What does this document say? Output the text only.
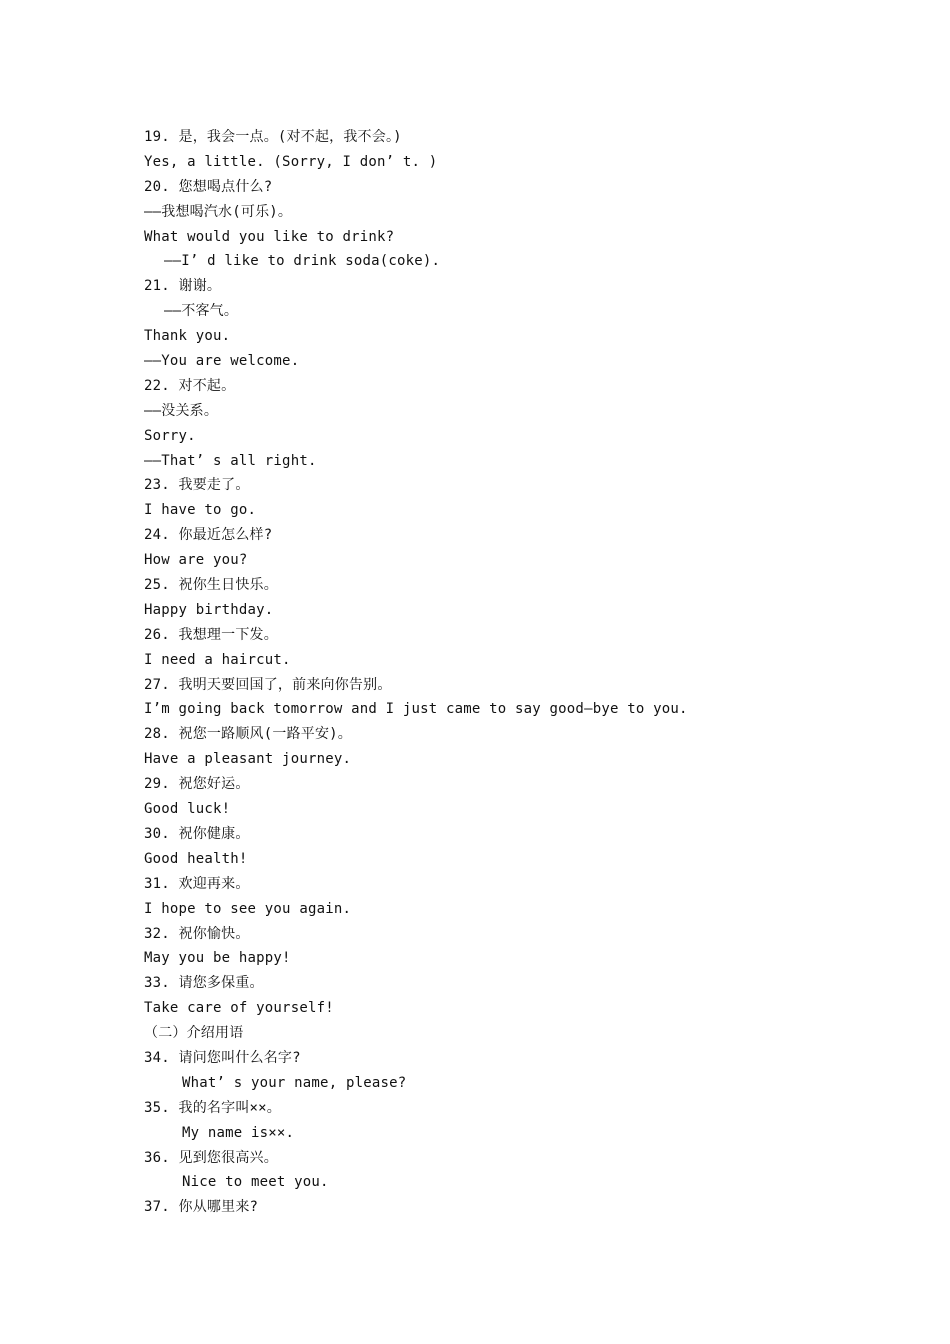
19. 是，我会一点。(对不起，我不会。)
Yes, a little. (Sorry, I don’ t. )
20. 您想喝点什么?
——我想喝汽水(可乐)。
What would you like to drink?
——I’ d like to drink soda(coke).
21. 谢谢。
——不客气。
Thank you.
——You are welcome.
22. 对不起。
——没关系。
Sorry.
——That’ s all right.
23. 我要走了。
I have to go.
24. 你最近怎么样?
How are you?
25. 祝你生日快乐。
Happy birthday.
26. 我想理一下发。
I need a haircut.
27. 我明天要回国了，前来向你告别。
I’m going back tomorrow and I just came to say good—bye to you.
28. 祝您一路顺风(一路平安)。
Have a pleasant journey.
29. 祝您好运。
Good luck!
30. 祝你健康。
Good health!
31. 欢迎再来。
I hope to see you again.
32. 祝你愉快。
May you be happy!
33. 请您多保重。
Take care of yourself!
（二）介绍用语
34. 请问您叫什么名字?
What’ s your name, please?
35. 我的名字叫××。
My name is××.
36. 见到您很高兴。
Nice to meet you.
37. 你从哪里来?
